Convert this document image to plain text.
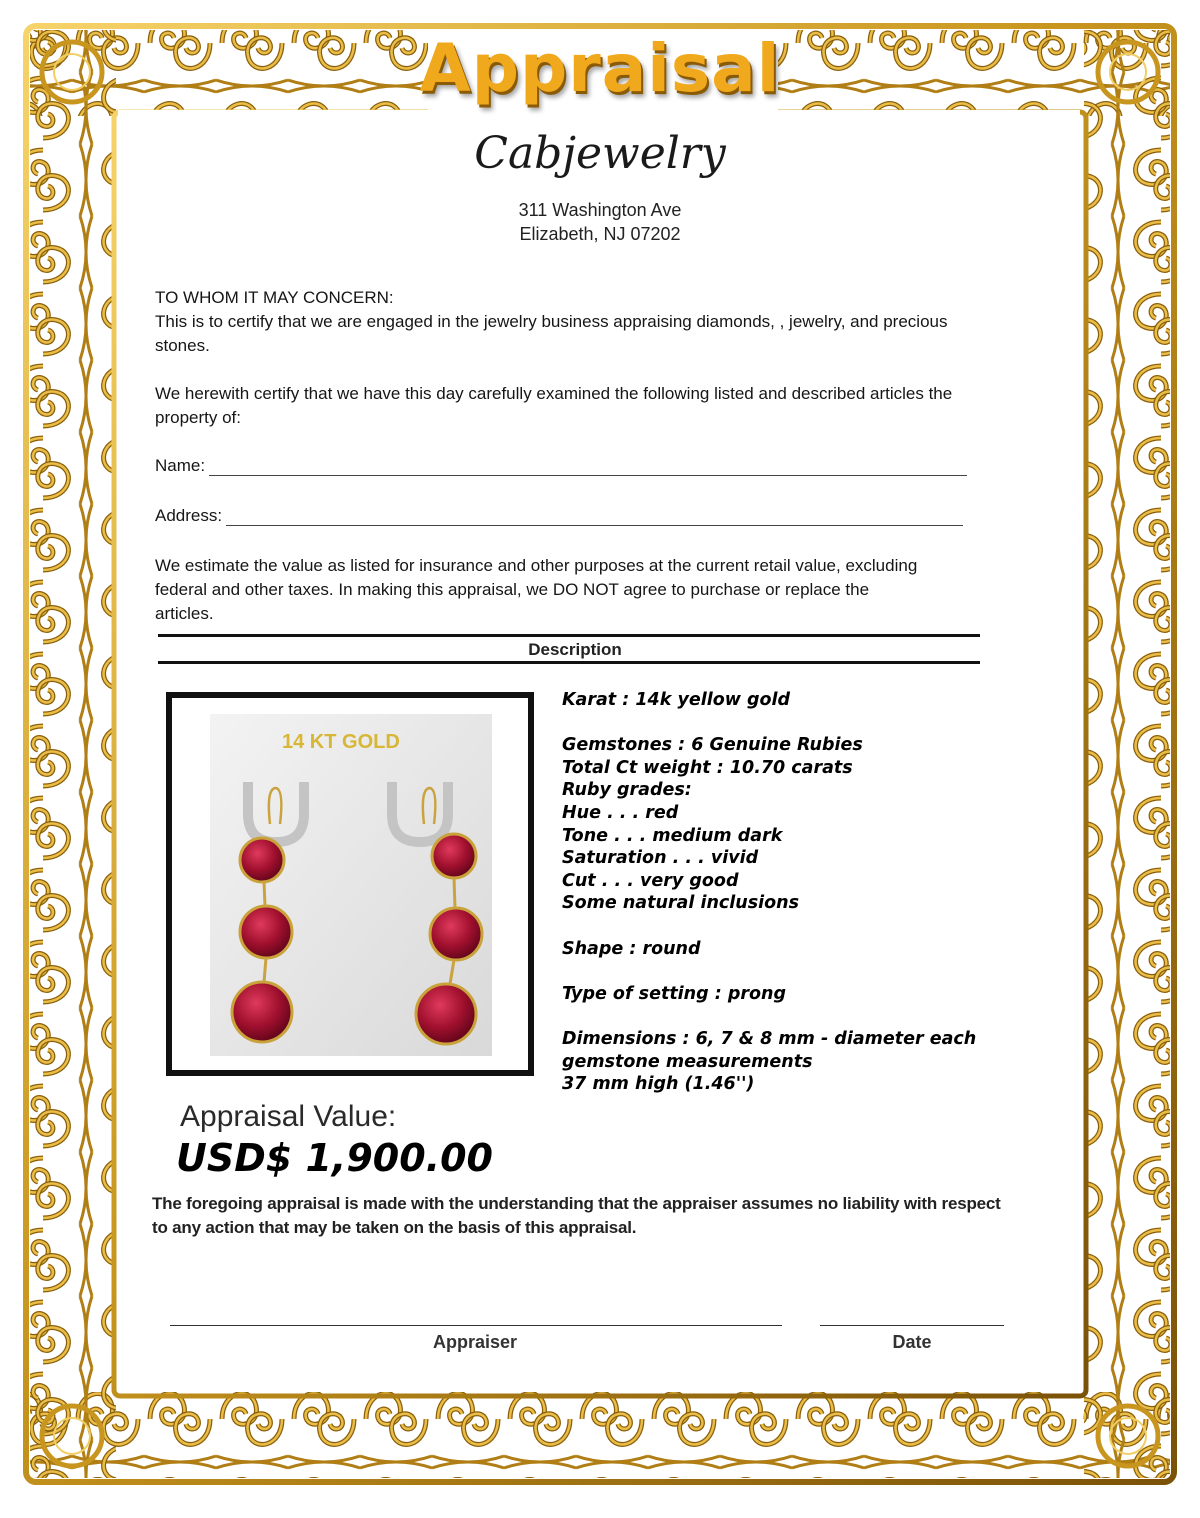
Appraisal
Cabjewelry
311 Washington Ave
Elizabeth, NJ 07202
TO WHOM IT MAY CONCERN:
This is to certify that we are engaged in the jewelry business appraising diamonds, , jewelry, and precious stones.
We herewith certify that we have this day carefully examined the following listed and described articles the property of:
Name:
Address:
We estimate the value as listed for insurance and other purposes at the current retail value, excluding federal and other taxes. In making this appraisal, we DO NOT agree to purchase or replace the articles.
Description
14 KT GOLD
Karat : 14k yellow gold
Gemstones : 6 Genuine Rubies
Total Ct weight : 10.70 carats
Ruby grades:
Hue . . . red
Tone . . . medium dark
Saturation . . . vivid
Cut . . . very good
Some natural inclusions
Shape : round
Type of setting : prong
Dimensions : 6, 7 & 8 mm - diameter each
gemstone measurements
37 mm high (1.46'')
Appraisal Value:
USD$ 1,900.00
The foregoing appraisal is made with the understanding that the appraiser assumes no liability with respect to any action that may be taken on the basis of this appraisal.
Appraiser	Date
